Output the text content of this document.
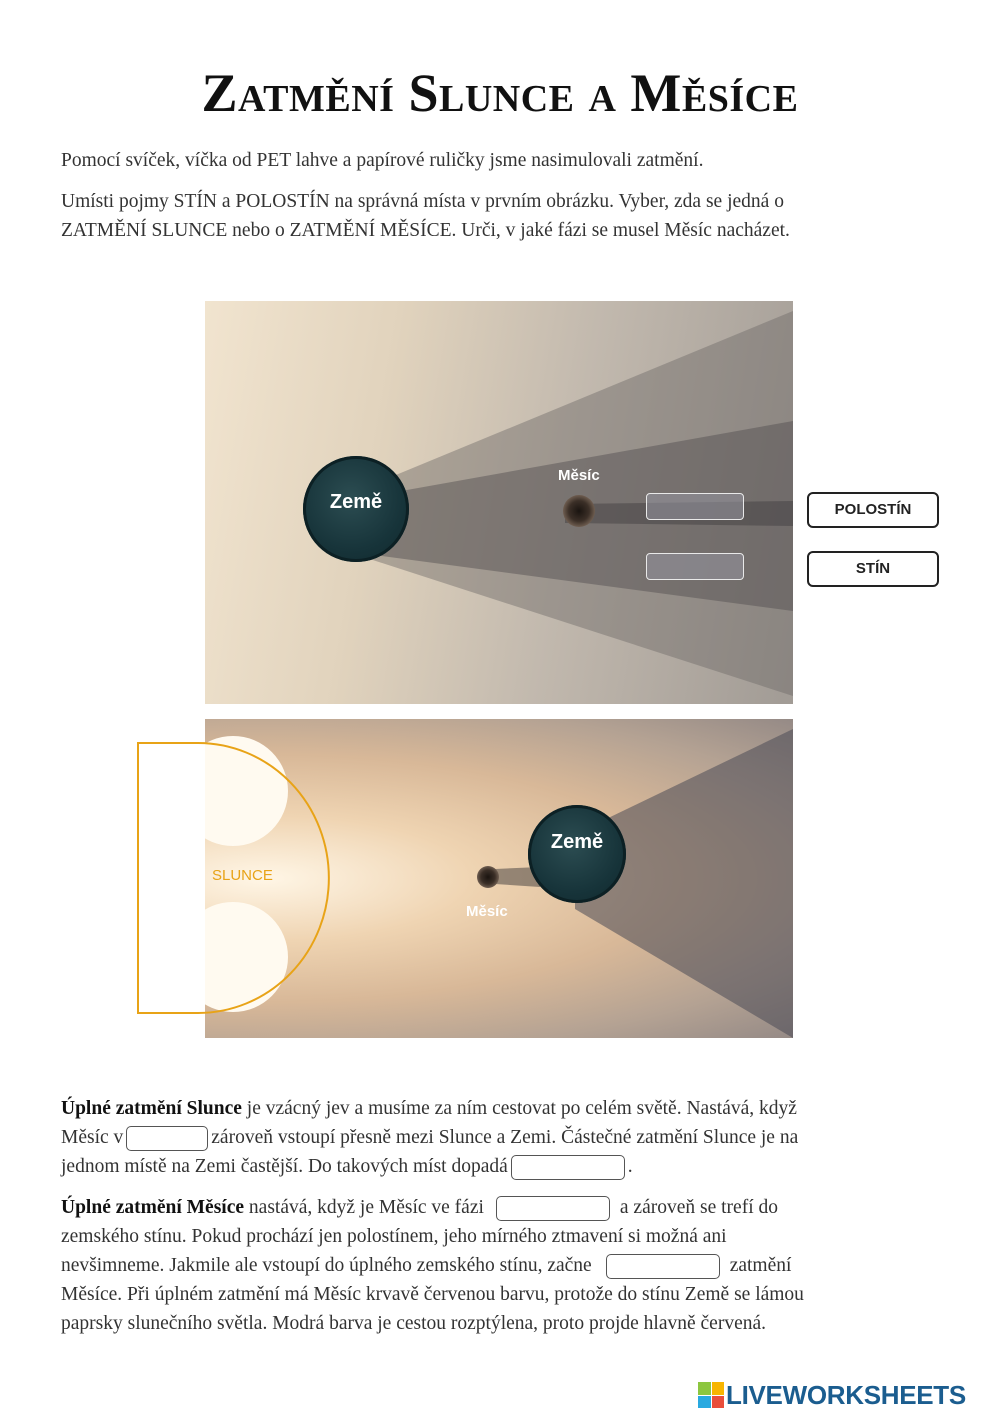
Zatmění Slunce a Měsíce
Pomocí svíček, víčka od PET lahve a papírové ruličky jsme nasimulovali zatmění.
Umísti pojmy STÍN a POLOSTÍN na správná místa v prvním obrázku. Vyber, zda se jedná o
ZATMĚNÍ SLUNCE nebo o ZATMĚNÍ MĚSÍCE. Urči, v jaké fázi se musel Měsíc nacházet.
Země
Měsíc
POLOSTÍN
STÍN
Země
Měsíc
SLUNCE
Úplné zatmění Slunce je vzácný jev a musíme za ním cestovat po celém světě. Nastává, když
Měsíc v	zároveň vstoupí přesně mezi Slunce a Zemi. Částečné zatmění Slunce je na
jednom místě na Zemi častější. Do takových míst dopadá	.
Úplné zatmění Měsíce nastává, když je Měsíc ve fázi	a zároveň se trefí do
zemského stínu. Pokud prochází jen polostínem, jeho mírného ztmavení si možná ani
nevšimneme. Jakmile ale vstoupí do úplného zemského stínu, začne	zatmění
Měsíce. Při úplném zatmění má Měsíc krvavě červenou barvu, protože do stínu Země se lámou
paprsky slunečního světla. Modrá barva je cestou rozptýlena, proto projde hlavně červená.
LIVEWORKSHEETS
